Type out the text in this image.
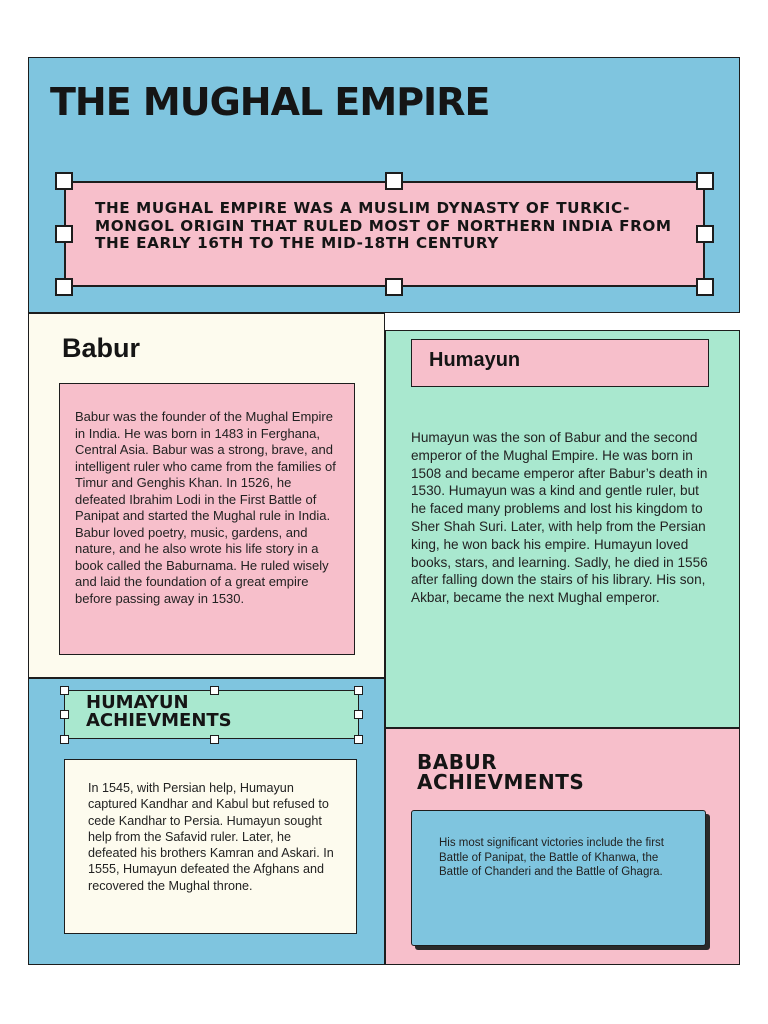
THE MUGHAL EMPIRE
THE MUGHAL EMPIRE WAS A MUSLIM DYNASTY OF TURKIC-MONGOL ORIGIN THAT RULED MOST OF NORTHERN INDIA FROM THE EARLY 16TH TO THE MID-18TH CENTURY
Babur
Babur was the founder of the Mughal Empire in India. He was born in 1483 in Ferghana, Central Asia. Babur was a strong, brave, and intelligent ruler who came from the families of Timur and Genghis Khan. In 1526, he defeated Ibrahim Lodi in the First Battle of Panipat and started the Mughal rule in India. Babur loved poetry, music, gardens, and nature, and he also wrote his life story in a book called the Baburnama. He ruled wisely and laid the foundation of a great empire before passing away in 1530.
Humayun
Humayun was the son of Babur and the second emperor of the Mughal Empire. He was born in 1508 and became emperor after Babur’s death in 1530. Humayun was a kind and gentle ruler, but he faced many problems and lost his kingdom to Sher Shah Suri. Later, with help from the Persian king, he won back his empire. Humayun loved books, stars, and learning. Sadly, he died in 1556 after falling down the stairs of his library. His son, Akbar, became the next Mughal emperor.
HUMAYUN
ACHIEVMENTS
In 1545, with Persian help, Humayun captured Kandhar and Kabul but refused to cede Kandhar to Persia. Humayun sought help from the Safavid ruler. Later, he defeated his brothers Kamran and Askari. In 1555, Humayun defeated the Afghans and recovered the Mughal throne.
BABUR
ACHIEVMENTS
His most significant victories include the first Battle of Panipat, the Battle of Khanwa, the Battle of Chanderi and the Battle of Ghagra.
